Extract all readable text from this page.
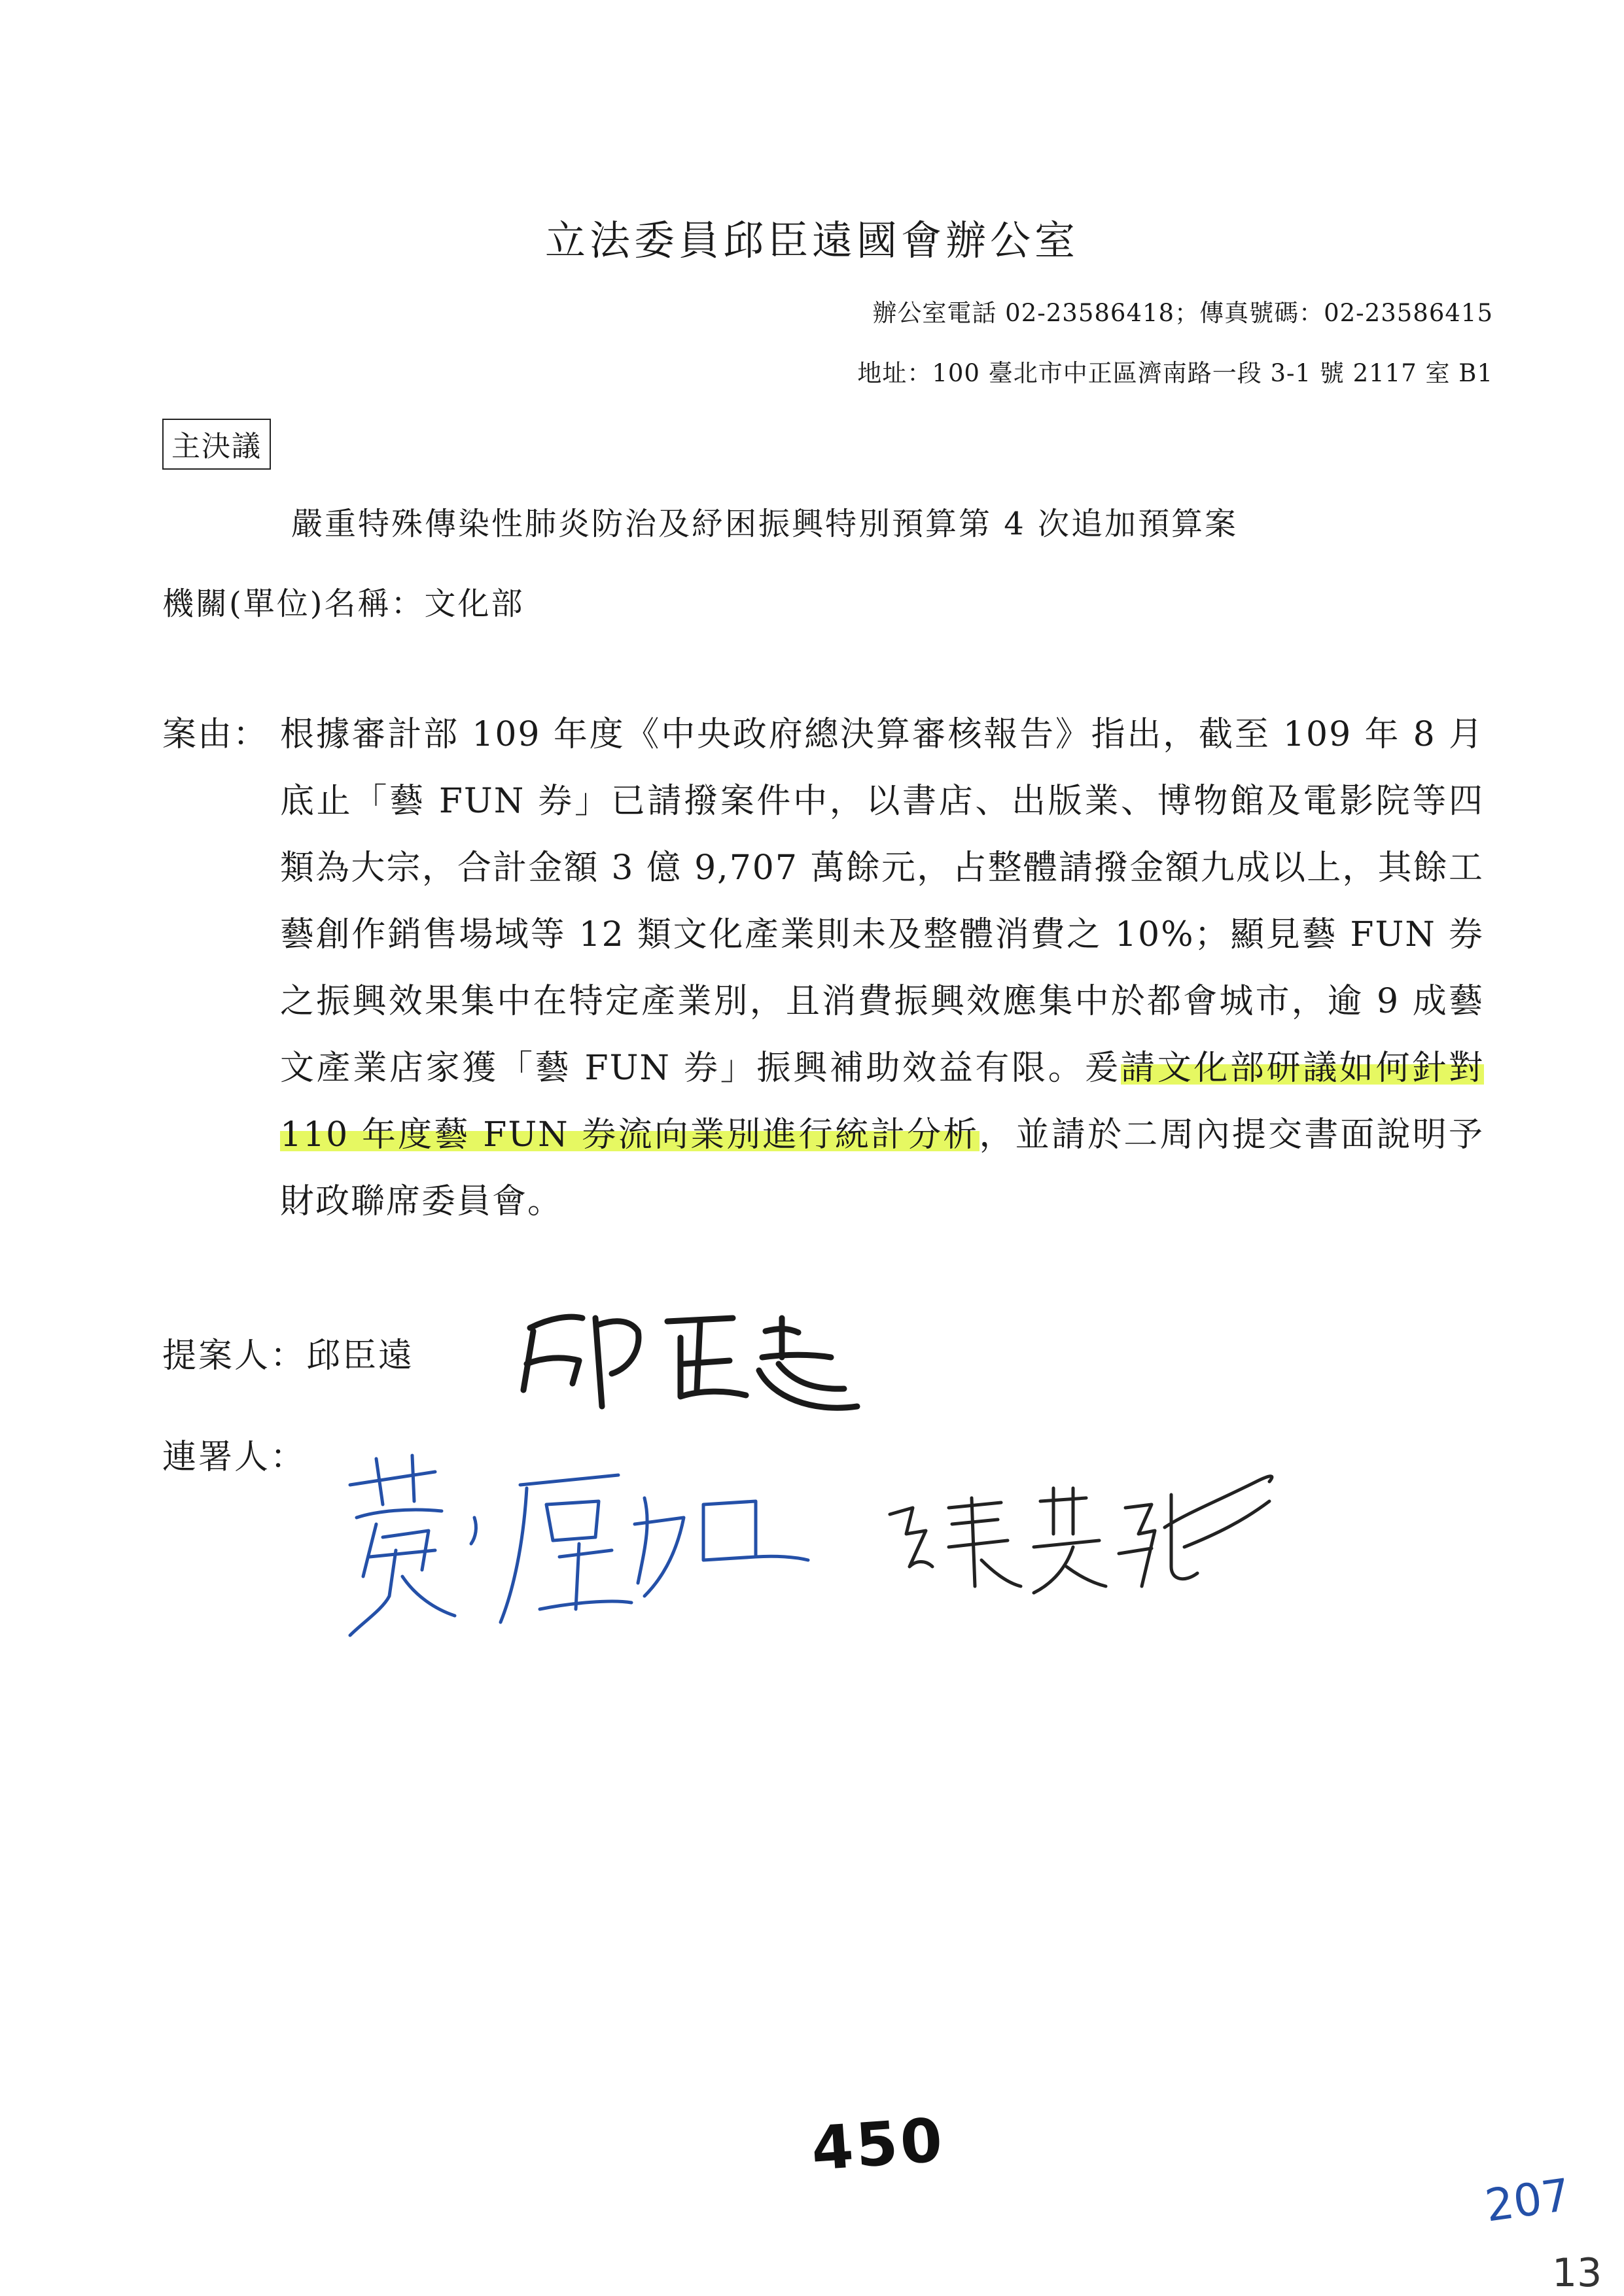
立法委員邱臣遠國會辦公室
辦公室電話 02-23586418；傳真號碼：02-23586415
地址：100 臺北市中正區濟南路一段 3-1 號 2117 室 B1
主決議
嚴重特殊傳染性肺炎防治及紓困振興特別預算第 4 次追加預算案
機關(單位)名稱：文化部
案由： 根據審計部 109 年度《中央政府總決算審核報告》指出，截至 109 年 8 月底止「藝 FUN 券」已請撥案件中，以書店、出版業、博物館及電影院等四類為大宗，合計金額 3 億 9,707 萬餘元，占整體請撥金額九成以上，其餘工藝創作銷售場域等 12 類文化產業則未及整體消費之 10%；顯見藝 FUN 券之振興效果集中在特定產業別，且消費振興效應集中於都會城市，逾 9 成藝文產業店家獲「藝 FUN 券」振興補助效益有限。爰請文化部研議如何針對 110 年度藝 FUN 券流向業別進行統計分析，並請於二周內提交書面說明予財政聯席委員會。
提案人：邱臣遠
連署人：
450
207
13
